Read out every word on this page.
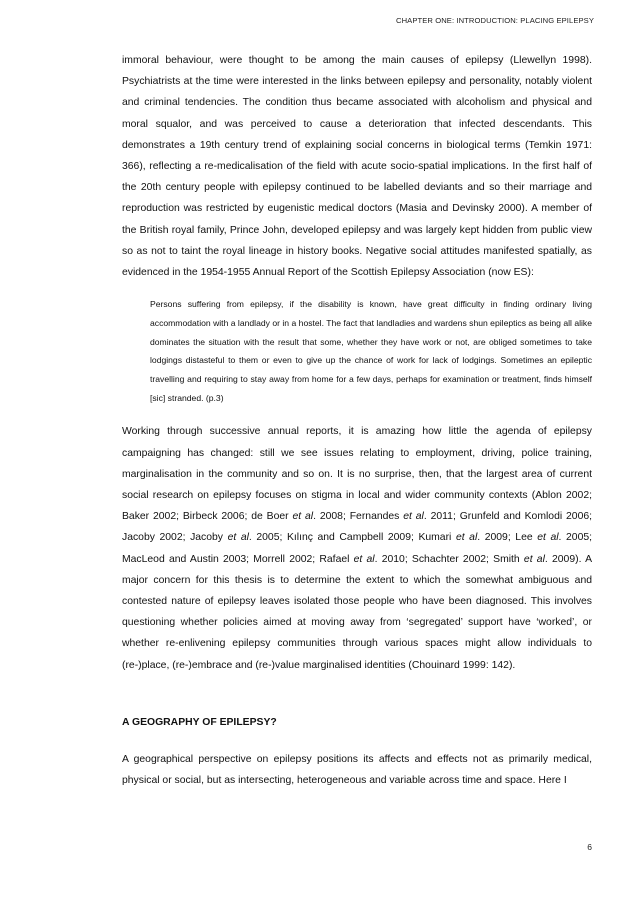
CHAPTER ONE: INTRODUCTION: PLACING EPILEPSY

immoral behaviour, were thought to be among the main causes of epilepsy (Llewellyn 1998). Psychiatrists at the time were interested in the links between epilepsy and personality, notably violent and criminal tendencies. The condition thus became associated with alcoholism and physical and moral squalor, and was perceived to cause a deterioration that infected descendants. This demonstrates a 19th century trend of explaining social concerns in biological terms (Temkin 1971: 366), reflecting a re-medicalisation of the field with acute socio-spatial implications. In the first half of the 20th century people with epilepsy continued to be labelled deviants and so their marriage and reproduction was restricted by eugenistic medical doctors (Masia and Devinsky 2000). A member of the British royal family, Prince John, developed epilepsy and was largely kept hidden from public view so as not to taint the royal lineage in history books. Negative social attitudes manifested spatially, as evidenced in the 1954-1955 Annual Report of the Scottish Epilepsy Association (now ES):

Persons suffering from epilepsy, if the disability is known, have great difficulty in finding ordinary living accommodation with a landlady or in a hostel. The fact that landladies and wardens shun epileptics as being all alike dominates the situation with the result that some, whether they have work or not, are obliged sometimes to take lodgings distasteful to them or even to give up the chance of work for lack of lodgings. Sometimes an epileptic travelling and requiring to stay away from home for a few days, perhaps for examination or treatment, finds himself [sic] stranded. (p.3)

Working through successive annual reports, it is amazing how little the agenda of epilepsy campaigning has changed: still we see issues relating to employment, driving, police training, marginalisation in the community and so on. It is no surprise, then, that the largest area of current social research on epilepsy focuses on stigma in local and wider community contexts (Ablon 2002; Baker 2002; Birbeck 2006; de Boer et al. 2008; Fernandes et al. 2011; Grunfeld and Komlodi 2006; Jacoby 2002; Jacoby et al. 2005; Kılınç and Campbell 2009; Kumari et al. 2009; Lee et al. 2005; MacLeod and Austin 2003; Morrell 2002; Rafael et al. 2010; Schachter 2002; Smith et al. 2009). A major concern for this thesis is to determine the extent to which the somewhat ambiguous and contested nature of epilepsy leaves isolated those people who have been diagnosed. This involves questioning whether policies aimed at moving away from ‘segregated’ support have ‘worked’, or whether re-enlivening epilepsy communities through various spaces might allow individuals to (re-)place, (re-)embrace and (re-)value marginalised identities (Chouinard 1999: 142).

A GEOGRAPHY OF EPILEPSY?

A geographical perspective on epilepsy positions its affects and effects not as primarily medical, physical or social, but as intersecting, heterogeneous and variable across time and space. Here I

6
